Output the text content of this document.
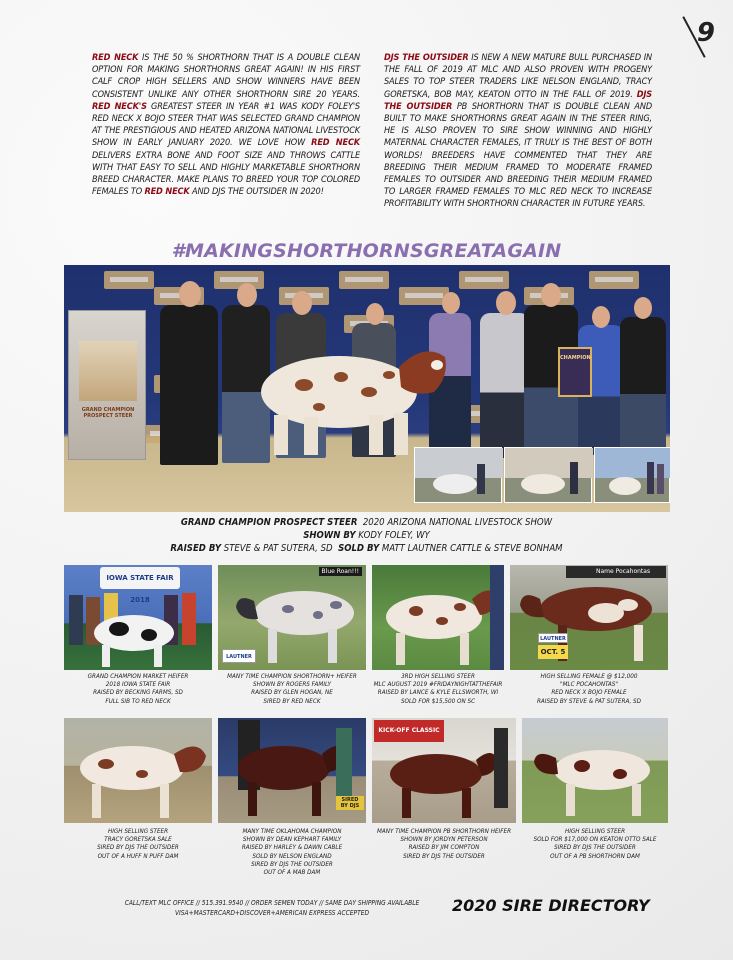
9
RED NECK IS THE 50 % SHORTHORN THAT IS A DOUBLE CLEAN OPTION FOR MAKING SHORTHORNS GREAT AGAIN! IN HIS FIRST CALF CROP HIGH SELLERS AND SHOW WINNERS HAVE BEEN CONSISTENT UNLIKE ANY OTHER SHORTHORN SIRE 20 YEARS. RED NECK'S GREATEST STEER IN YEAR #1 WAS KODY FOLEY'S RED NECK X BOJO STEER THAT WAS SELECTED GRAND CHAMPION AT THE PRESTIGIOUS AND HEATED ARIZONA NATIONAL LIVESTOCK SHOW IN EARLY JANUARY 2020. WE LOVE HOW RED NECK DELIVERS EXTRA BONE AND FOOT SIZE AND THROWS CATTLE WITH THAT EASY TO SELL AND HIGHLY MARKETABLE SHORTHORN BREED CHARACTER. MAKE PLANS TO BREED YOUR TOP COLORED FEMALES TO RED NECK AND DJS THE OUTSIDER IN 2020!
DJS THE OUTSIDER IS NEW A NEW MATURE BULL PURCHASED IN THE FALL OF 2019 AT MLC AND ALSO PROVEN WITH PROGENY SALES TO TOP STEER TRADERS LIKE NELSON ENGLAND, TRACY GORETSKA, BOB MAY, KEATON OTTO IN THE FALL OF 2019. DJS THE OUTSIDER PB SHORTHORN THAT IS DOUBLE CLEAN AND BUILT TO MAKE SHORTHORNS GREAT AGAIN IN THE STEER RING, HE IS ALSO PROVEN TO SIRE SHOW WINNING AND HIGHLY MATERNAL CHARACTER FEMALES, IT TRULY IS THE BEST OF BOTH WORLDS! BREEDERS HAVE COMMENTED THAT THEY ARE BREEDING THEIR MEDIUM FRAMED TO MODERATE FRAMED FEMALES TO OUTSIDER AND BREEDING THEIR MEDIUM FRAMED TO LARGER FRAMED FEMALES TO MLC RED NECK TO INCREASE PROFITABILITY WITH SHORTHORN CHARACTER IN FUTURE YEARS.
#MAKINGSHORTHORNSGREATAGAIN
GRAND CHAMPION PROSPECT STEER
CHAMPION
GRAND CHAMPION PROSPECT STEER 2020 ARIZONA NATIONAL LIVESTOCK SHOW
SHOWN BY KODY FOLEY, WY
RAISED BY STEVE & PAT SUTERA, SD SOLD BY MATT LAUTNER CATTLE & STEVE BONHAM
IOWA STATE FAIR 2018
Blue Roan!!!
LAUTNER
Name Pocahontas
LAUTNER
OCT. 5
GRAND CHAMPION MARKET HEIFER
2018 IOWA STATE FAIR
RAISED BY BECKING FARMS, SD
FULL SIB TO RED NECK
MANY TIME CHAMPION SHORTHORN+ HEIFER
SHOWN BY ROGERS FAMILY
RAISED BY GLEN HOGAN, NE
SIRED BY RED NECK
3RD HIGH SELLING STEER
MLC AUGUST 2019 #FRIDAYNIGHTATTHEFAIR
RAISED BY LANCE & KYLE ELLSWORTH, WI
SOLD FOR $15,500 ON SC
HIGH SELLING FEMALE @ $12,000
"MLC POCAHONTAS"
RED NECK X BOJO FEMALE
RAISED BY STEVE & PAT SUTERA, SD
SIRED BY DJS
KICK-OFF CLASSIC
HIGH SELLING STEER
TRACY GORETSKA SALE
SIRED BY DJS THE OUTSIDER
OUT OF A HUFF N PUFF DAM
MANY TIME OKLAHOMA CHAMPION
SHOWN BY DEAN KEPHART FAMILY
RAISED BY HARLEY & DAWN CABLE
SOLD BY NELSON ENGLAND
SIRED BY DJS THE OUTSIDER
OUT OF A MAB DAM
MANY TIME CHAMPION PB SHORTHORN HEIFER
SHOWN BY JORDYN PETERSON
RAISED BY JIM COMPTON
SIRED BY DJS THE OUTSIDER
HIGH SELLING STEER
SOLD FOR $17,000 ON KEATON OTTO SALE
SIRED BY DJS THE OUTSIDER
OUT OF A PB SHORTHORN DAM
CALL/TEXT MLC OFFICE // 515.391.9540 // ORDER SEMEN TODAY // SAME DAY SHIPPING AVAILABLE
VISA+MASTERCARD+DISCOVER+AMERICAN EXPRESS ACCEPTED	2020 SIRE DIRECTORY
